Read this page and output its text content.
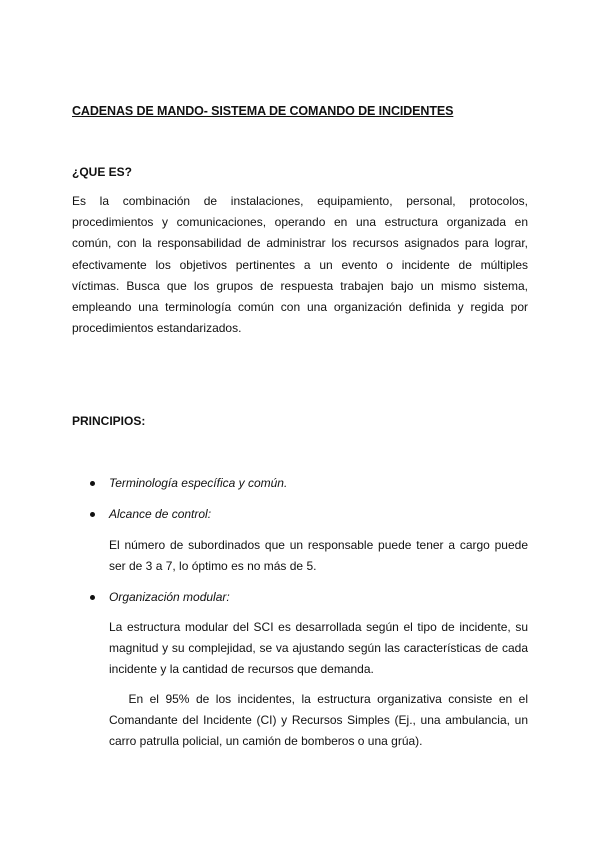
CADENAS DE MANDO- SISTEMA DE COMANDO DE INCIDENTES
¿QUE ES?
Es la combinación de instalaciones, equipamiento, personal, protocolos,
procedimientos y comunicaciones, operando en una estructura organizada en
común, con la responsabilidad de administrar los recursos asignados para lograr,
efectivamente los objetivos pertinentes a un evento o incidente de múltiples
víctimas. Busca que los grupos de respuesta trabajen bajo un mismo sistema,
empleando una terminología común con una organización definida y regida por
procedimientos estandarizados.
PRINCIPIOS:
Terminología específica y común.
Alcance de control:
El número de subordinados que un responsable puede tener a cargo puede
ser de 3 a 7, lo óptimo es no más de 5.
Organización modular:
La estructura modular del SCI es desarrollada según el tipo de incidente, su
magnitud y su complejidad, se va ajustando según las características de cada
incidente y la cantidad de recursos que demanda.
En el 95% de los incidentes, la estructura organizativa consiste en el
Comandante del Incidente (CI) y Recursos Simples (Ej., una ambulancia, un
carro patrulla policial, un camión de bomberos o una grúa).
